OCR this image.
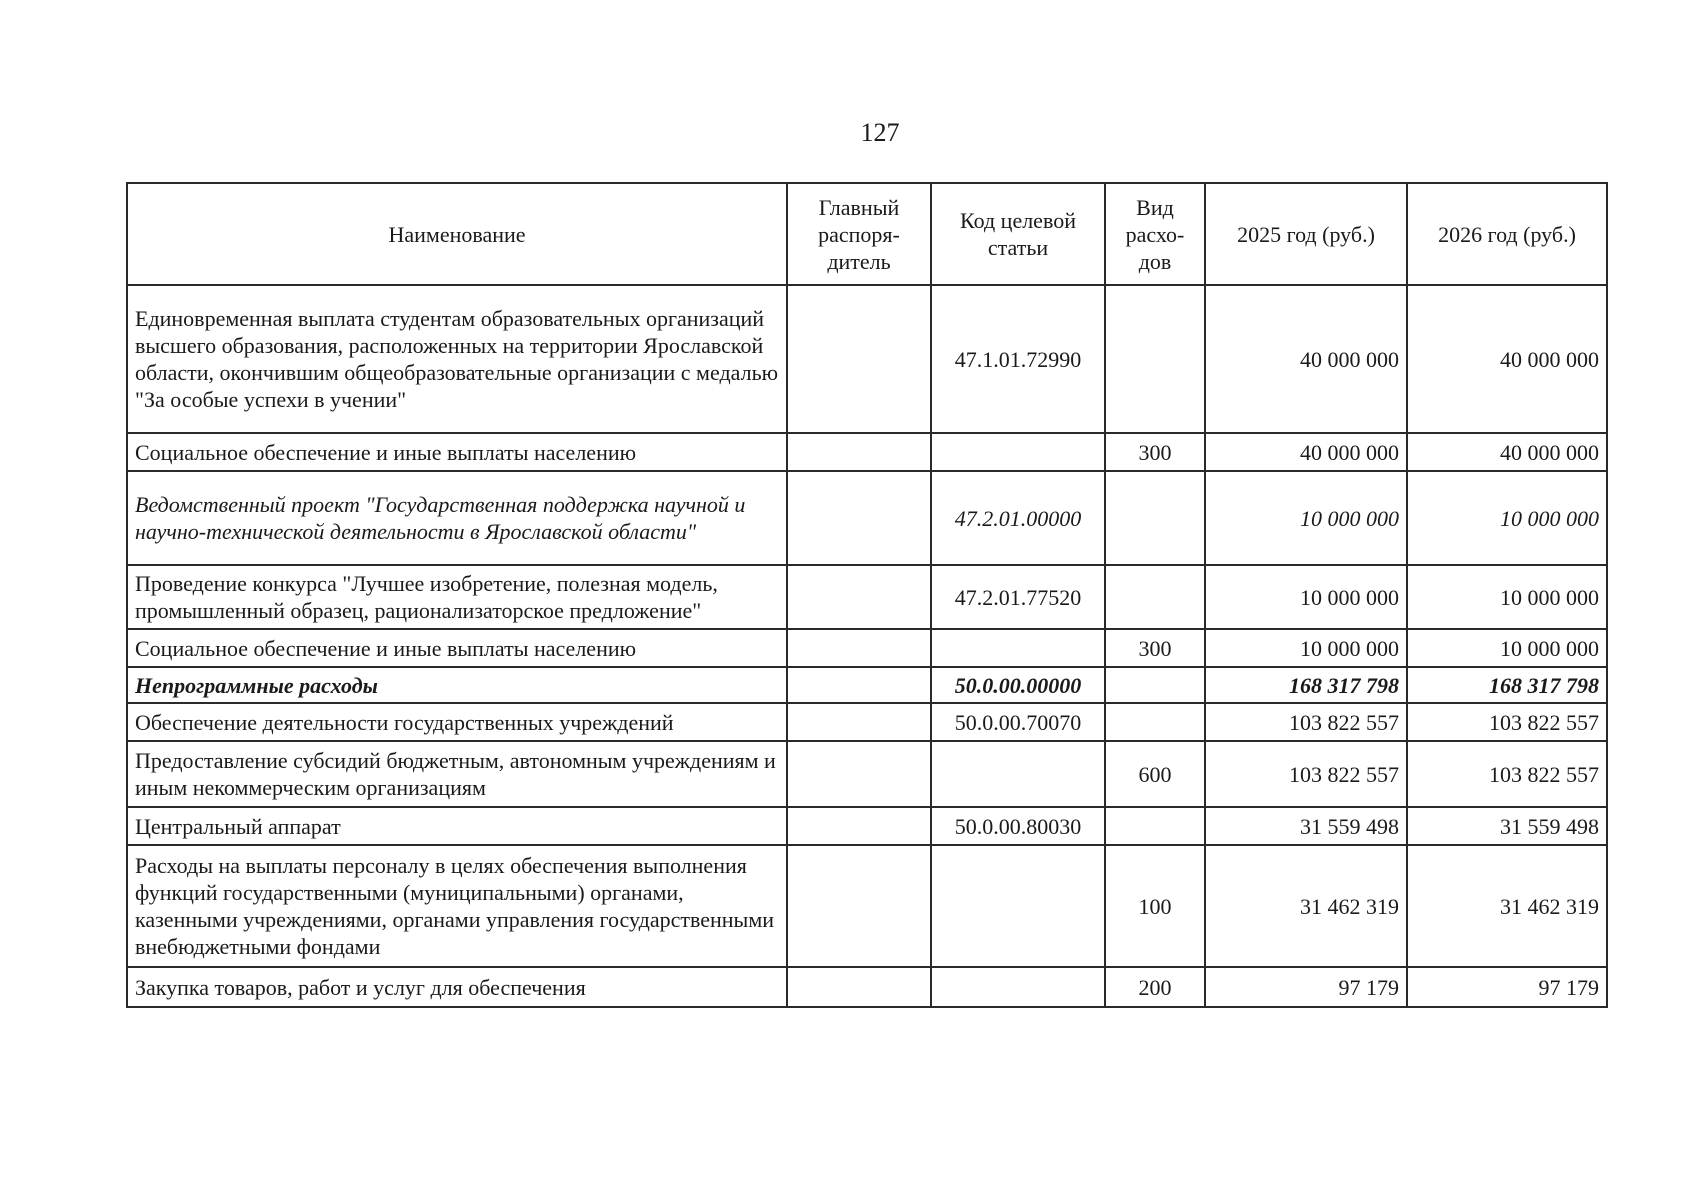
127
Наименование	Главный распоря-дитель	Код целевой статьи	Вид расхо-дов	2025 год (руб.)	2026 год (руб.)
Единовременная выплата студентам образовательных организаций высшего образования, расположенных на территории Ярославской области, окончившим общеобразовательные организации с медалью "За особые успехи в учении"		47.1.01.72990		40 000 000	40 000 000
Социальное обеспечение и иные выплаты населению			300	40 000 000	40 000 000
Ведомственный проект "Государственная поддержка научной и научно-технической деятельности в Ярославской области"		47.2.01.00000		10 000 000	10 000 000
Проведение конкурса "Лучшее изобретение, полезная модель, промышленный образец, рационализаторское предложение"		47.2.01.77520		10 000 000	10 000 000
Социальное обеспечение и иные выплаты населению			300	10 000 000	10 000 000
Непрограммные расходы		50.0.00.00000		168 317 798	168 317 798
Обеспечение деятельности государственных учреждений		50.0.00.70070		103 822 557	103 822 557
Предоставление субсидий бюджетным, автономным учреждениям и иным некоммерческим организациям			600	103 822 557	103 822 557
Центральный аппарат		50.0.00.80030		31 559 498	31 559 498
Расходы на выплаты персоналу в целях обеспечения выполнения функций государственными (муниципальными) органами, казенными учреждениями, органами управления государственными внебюджетными фондами			100	31 462 319	31 462 319
Закупка товаров, работ и услуг для обеспечения			200	97 179	97 179
